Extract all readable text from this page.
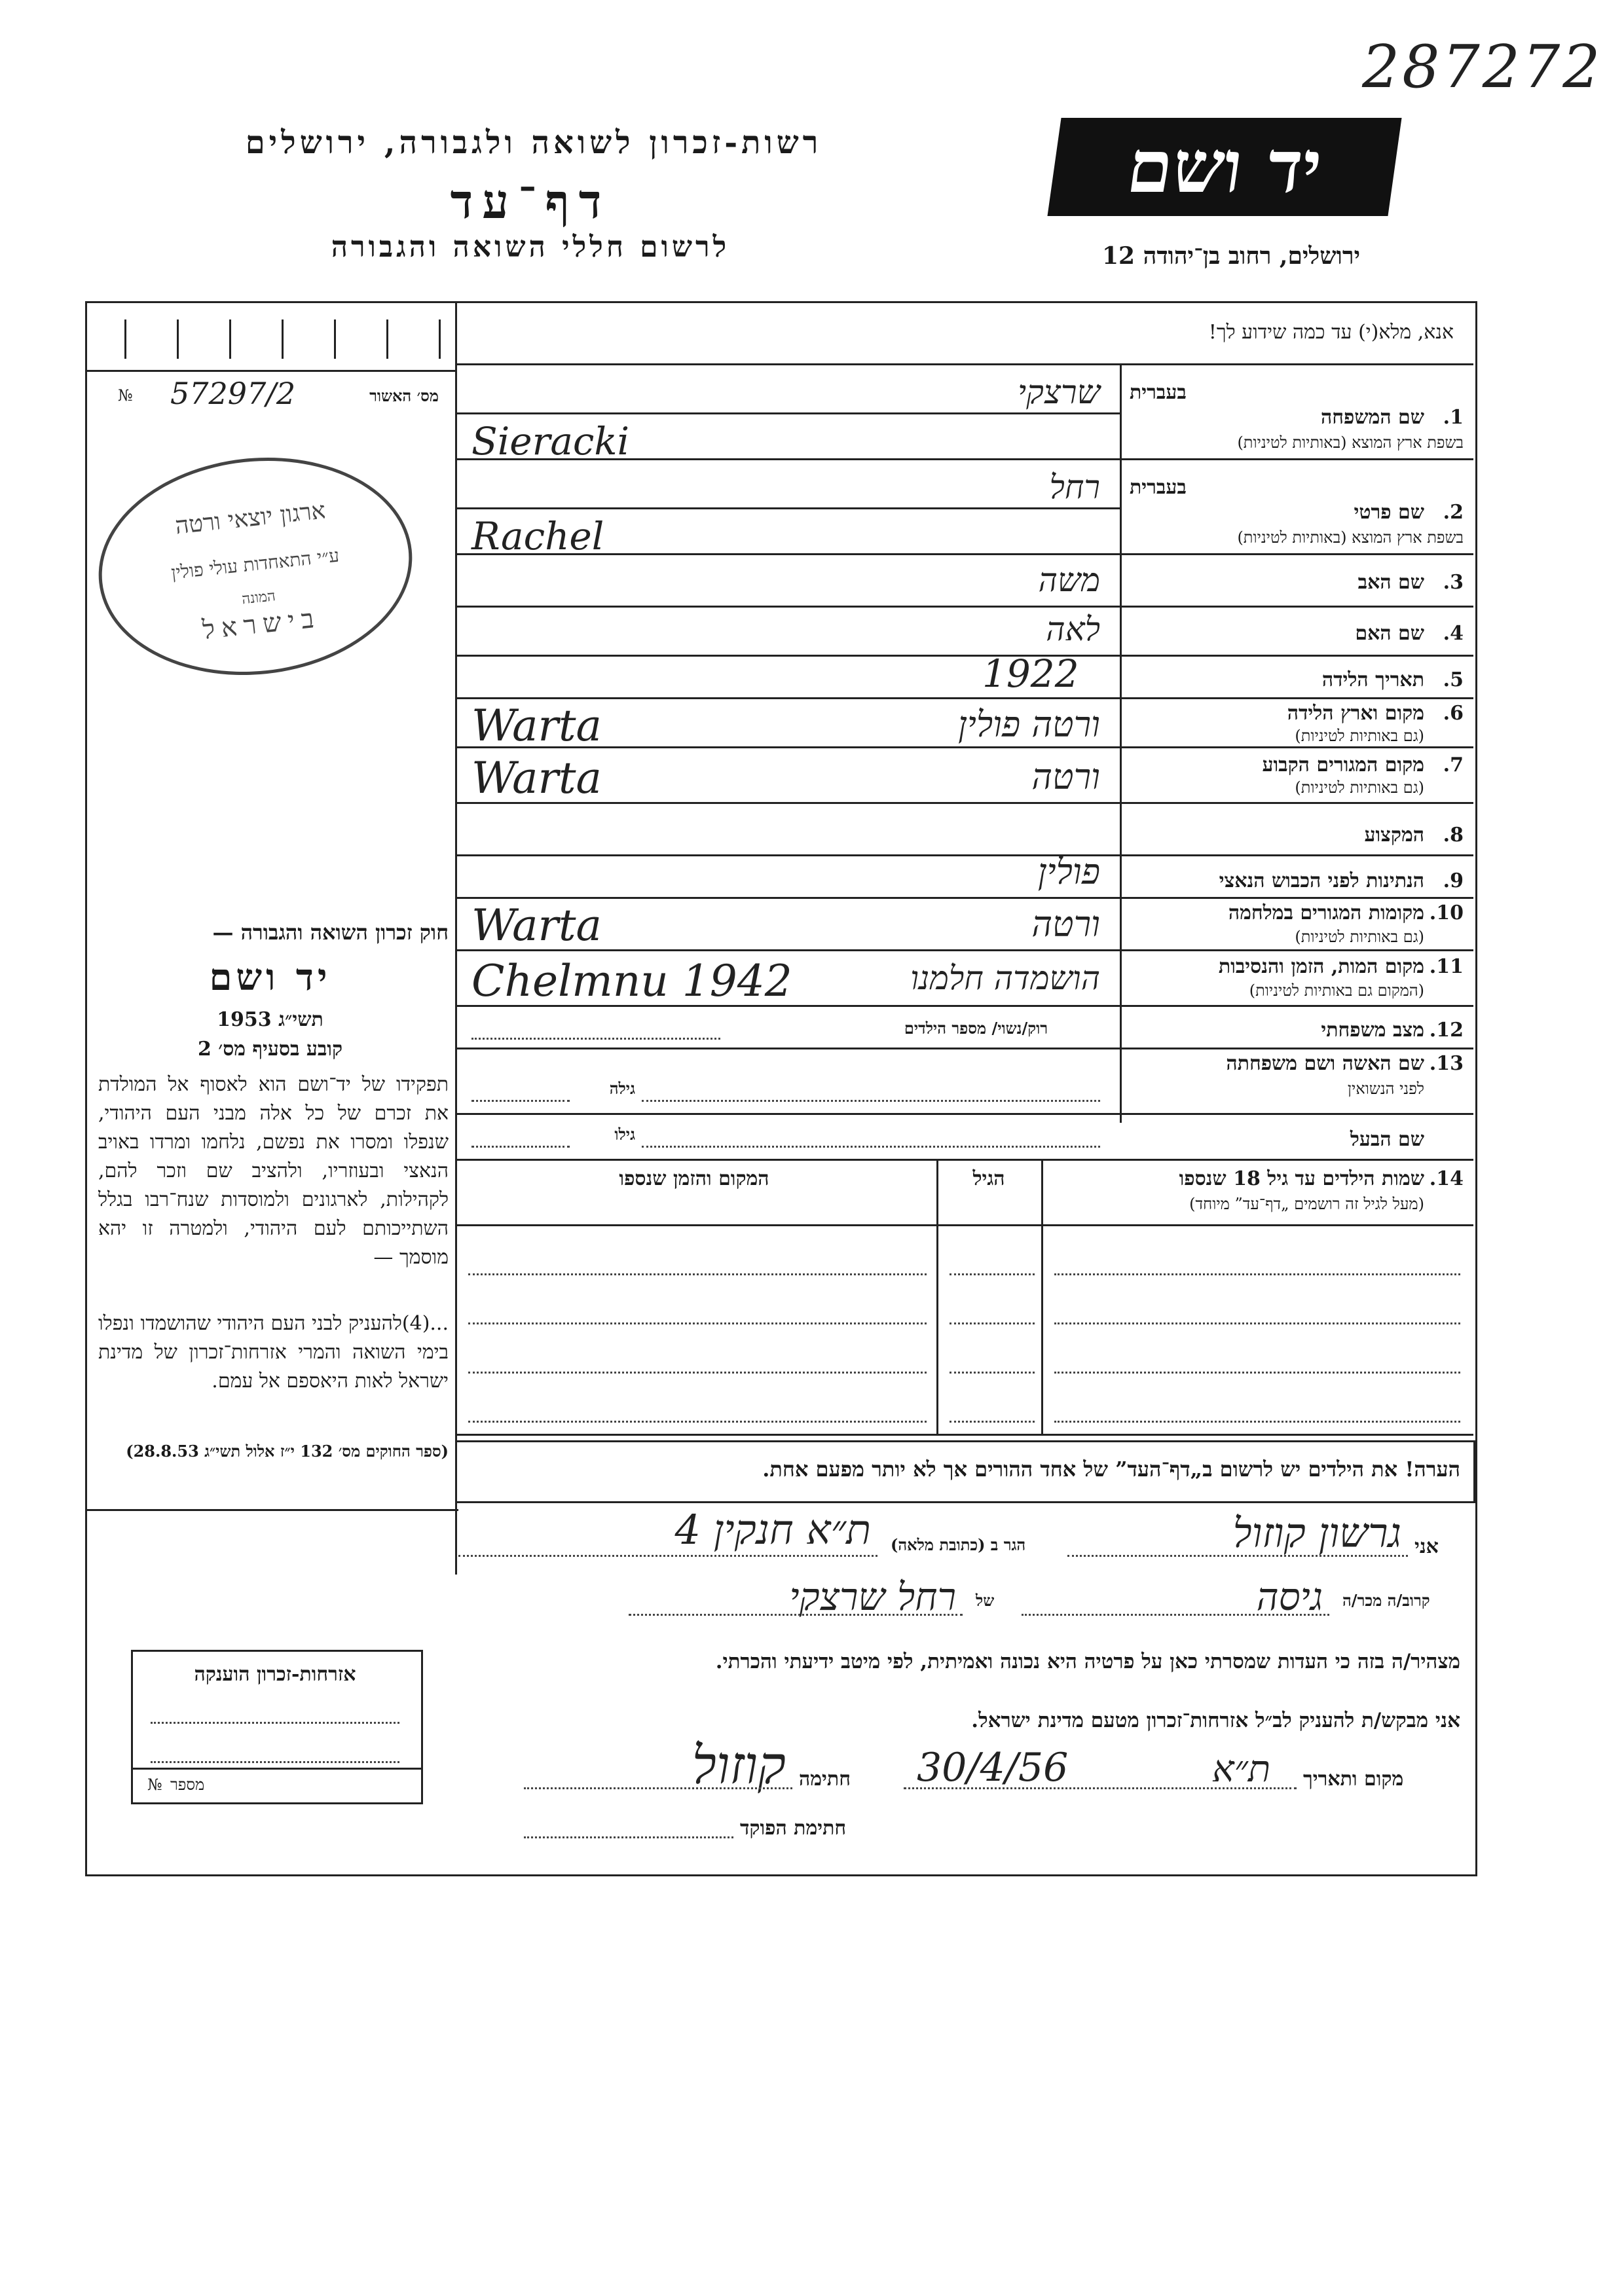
287272
רשות-זכרון לשואה ולגבורה, ירושלים
דף־עד
לרשום חללי השואה והגבורה
יד ושם
ירושלים, רחוב בן־יהודה 12
אנא, מלא(י) עד כמה שידוע לך!
מס׳ האשור
57297/2
№
ארגון יוצאי ורטה
ע״י התאחדות עולי פולין
המונה
בישראל
בעברית
1.
שם המשפחה
בשפת ארץ המוצא (באותיות לטיניות)
שרצקי
Sieracki
בעברית
2.
שם פרטי
בשפת ארץ המוצא (באותיות לטיניות)
רחל
Rachel
3.
שם האב
משה
4.
שם האם
לאה
5.
תאריך הלידה
1922
6.
מקום וארץ הלידה
(גם באותיות לטיניות)
ורטה פולין
Warta
7.
מקום המגורים הקבוע
(גם באותיות לטיניות)
ורטה
Warta
8.
המקצוע
9.
הנתינות לפני הכבוש הנאצי
פולין
10.
מקומות המגורים במלחמה
(גם באותיות לטיניות)
ורטה
Warta
11.
מקום המות, הזמן והנסיבות
(המקום גם באותיות לטיניות)
הושמדה חלמנו
Chelmnu 1942
12.
מצב משפחתי
רוק/נשוי/ מספר הילדים
13.
שם האשה ושם משפחתה
לפני הנשואין
גילה
שם הבעל
גילו
14.
שמות הילדים עד גיל 18 שנספו
(מעל לגיל זה רושמים „דף־עד” מיוחד)
הגיל
המקום והזמן שנספו
הערה! את הילדים יש לרשום ב„דף־העד” של אחד ההורים אך לא יותר מפעם אחת.
חוק זכרון השואה והגבורה —
יד ושם
תשי״ג 1953
קובע בסעיף מס׳ 2
תפקידו של יד־ושם הוא לאסוף אל המולדת את זכרם של כל אלה מבני העם היהודי, שנפלו ומסרו את נפשם, נלחמו ומרדו באויב הנאצי ובעוזריו, ולהציב שם וזכר להם, לקהילות, לארגונים ולמוסדות שנח־רבו בגלל השתייכותם לעם היהודי, ולמטרה זו יהא מוסמך —
...(4)להעניק לבני העם היהודי שהושמדו ונפלו בימי השואה והמרי אזרחות־זכרון של מדינת ישראל לאות היאספם אל עמם.
(ספר החוקים מס׳ 132 י״ז אלול תשי״ג 28.8.53)
אזרחות-זכרון הוענקה
מספר
№
אני
גרשון קוזול
הגר ב (כתובת מלאה)
ת״א חנקין 4
קרוב/ה מכר/ה
גיסה
של
רחל שרצקי
מצהיר/ה בזה כי העדות שמסרתי כאן על פרטיה היא נכונה ואמיתית, לפי מיטב ידיעתי והכרתי.
אני מבקש/ת להעניק לב״ל אזרחות־זכרון מטעם מדינת ישראל.
מקום ותאריך
ת״א
30/4/56
חתימה
קוזול
חתימת הפוקד
